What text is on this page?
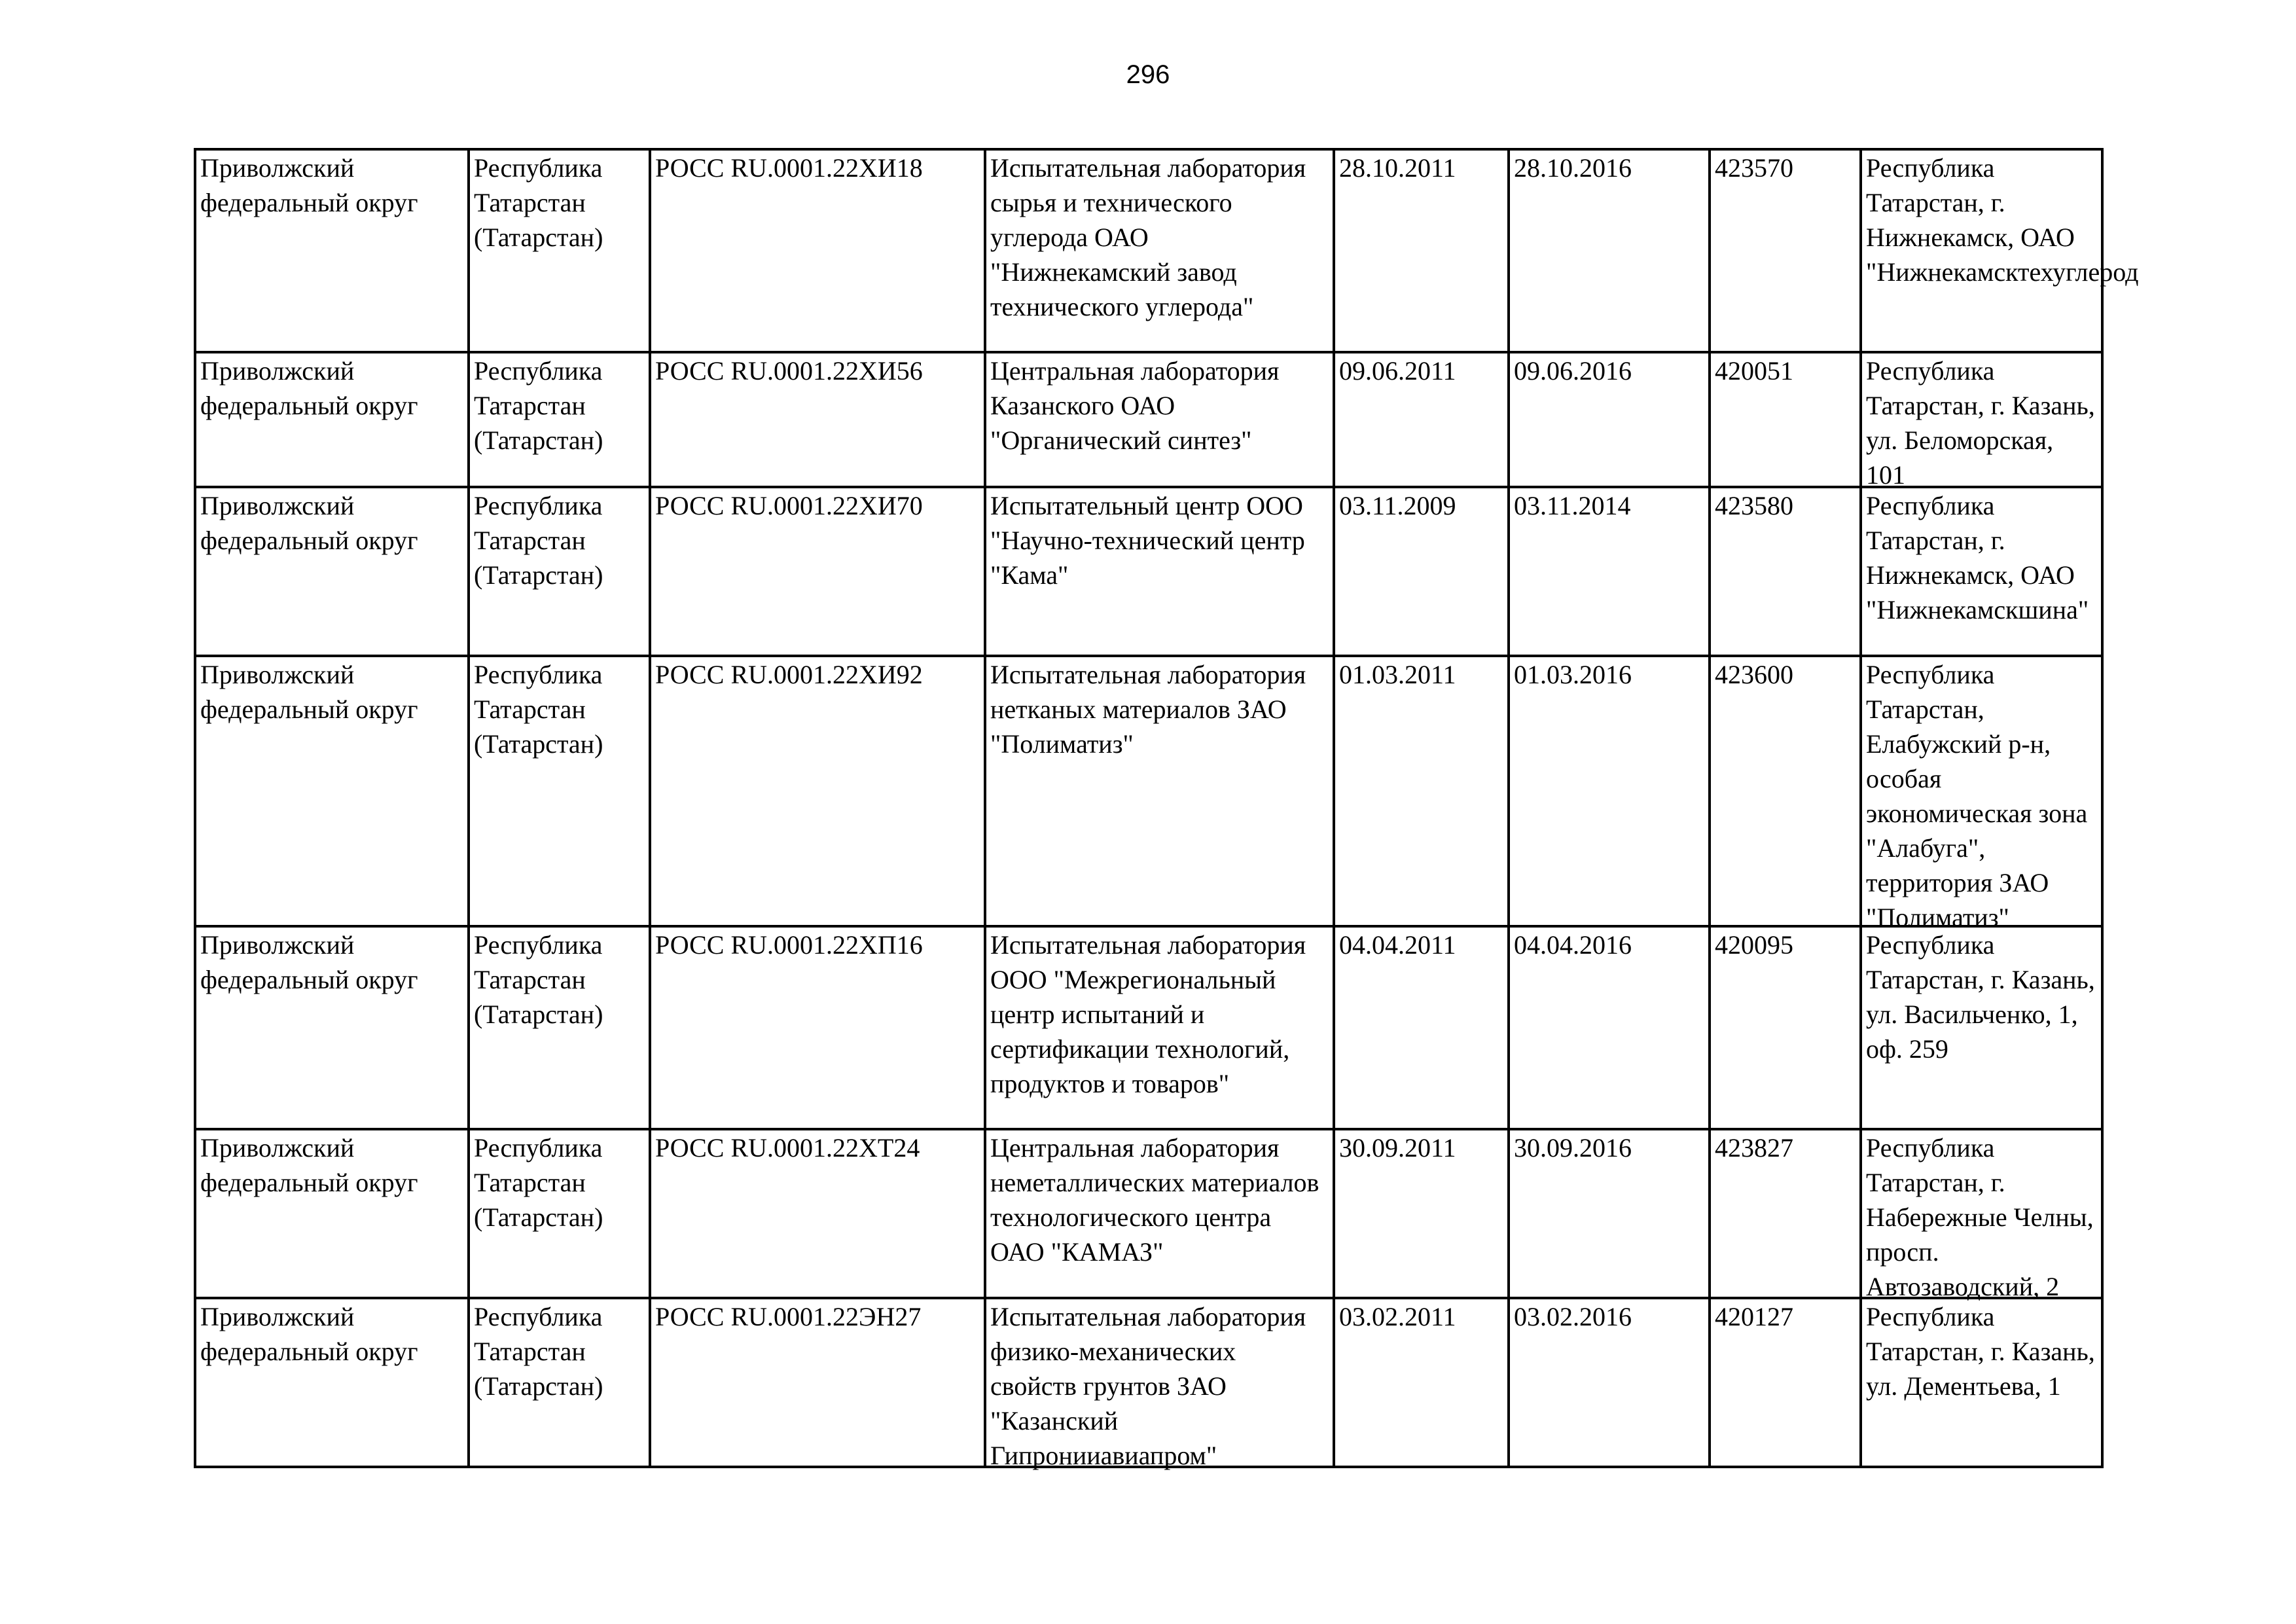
296
Приволжский федеральный округ	Республика Татарстан (Татарстан)	РОСС RU.0001.22ХИ18	Испытательная лаборатория сырья и технического углерода ОАО "Нижнекамский завод технического углерода"	28.10.2011	28.10.2016	423570	Республика Татарстан, г. Нижнекамск, ОАО "Нижнекамсктехуглерод

Приволжский федеральный округ	Республика Татарстан (Татарстан)	РОСС RU.0001.22ХИ56	Центральная лаборатория Казанского ОАО "Органический синтез"	09.06.2011	09.06.2016	420051	Республика Татарстан, г. Казань, ул. Беломорская, 101

Приволжский федеральный округ	Республика Татарстан (Татарстан)	РОСС RU.0001.22ХИ70	Испытательный центр ООО "Научно-технический центр "Кама"	03.11.2009	03.11.2014	423580	Республика Татарстан, г. Нижнекамск, ОАО "Нижнекамскшина"

Приволжский федеральный округ	Республика Татарстан (Татарстан)	РОСС RU.0001.22ХИ92	Испытательная лаборатория нетканых материалов ЗАО "Полиматиз"	01.03.2011	01.03.2016	423600	Республика Татарстан, Елабужский р-н, особая экономическая зона "Алабуга", территория ЗАО "Полиматиз"

Приволжский федеральный округ	Республика Татарстан (Татарстан)	РОСС RU.0001.22ХП16	Испытательная лаборатория ООО "Межрегиональный центр испытаний и сертификации технологий, продуктов и товаров"	04.04.2011	04.04.2016	420095	Республика Татарстан, г. Казань, ул. Васильченко, 1, оф. 259

Приволжский федеральный округ	Республика Татарстан (Татарстан)	РОСС RU.0001.22ХТ24	Центральная лаборатория неметаллических материалов технологического центра ОАО "КАМАЗ"	30.09.2011	30.09.2016	423827	Республика Татарстан, г. Набережные Челны, просп. Автозаводский, 2

Приволжский федеральный округ	Республика Татарстан (Татарстан)	РОСС RU.0001.22ЭН27	Испытательная лаборатория физико-механических свойств грунтов ЗАО "Казанский Гипронииавиапром"	03.02.2011	03.02.2016	420127	Республика Татарстан, г. Казань, ул. Дементьева, 1
